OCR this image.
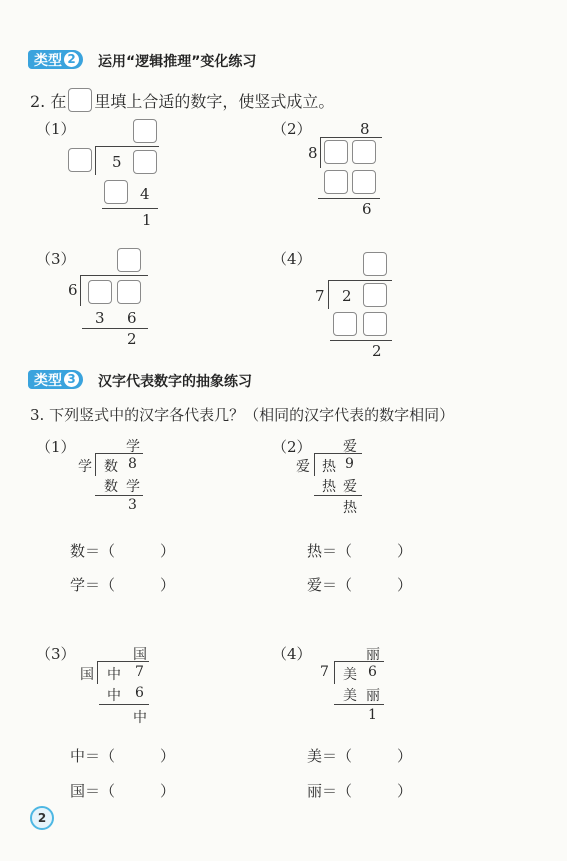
类型 2 运用“逻辑推理”变化练习
2. 在 里填上合适的数字，使竖式成立。
（1）
5
4
1
（2）	8
8
6
（3）
6
3 6
2
（4）
7 2
2
类型 3 汉字代表数字的抽象练习
3. 下列竖式中的汉字各代表几？（相同的汉字代表的数字相同）
（1）	学
学 数 8
数 学
3
数＝（　　　）
学＝（　　　）
（2） 爱
爱 热 9
热 爱
热
热＝（　　　）
爱＝（　　　）
（3）	国
国 中 7
中 6
中
中＝（　　　）
国＝（　　　）
（4）	丽
7 美 6
美 丽
1
美＝（　　　）
丽＝（　　　）
2
